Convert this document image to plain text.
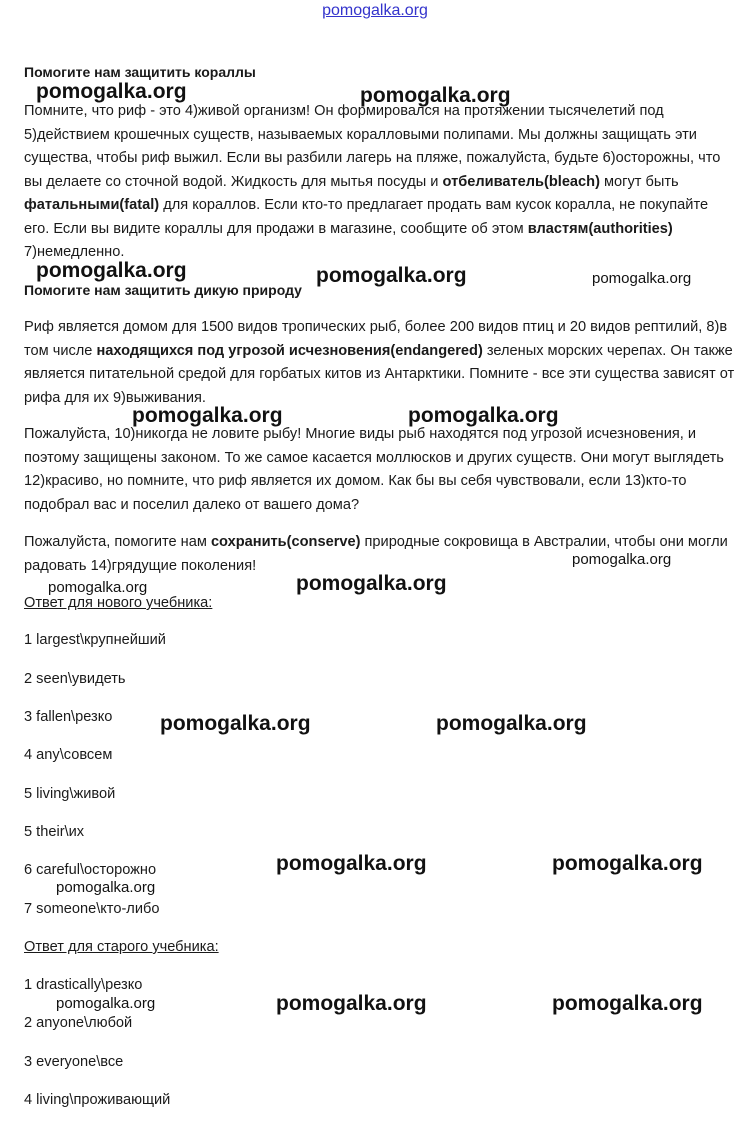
pomogalka.org
Помогите нам защитить кораллы
Помните, что риф - это 4)живой организм! Он формировался на протяжении тысячелетий под 5)действием крошечных существ, называемых коралловыми полипами. Мы должны защищать эти существа, чтобы риф выжил. Если вы разбили лагерь на пляже, пожалуйста, будьте 6)осторожны, что вы делаете со сточной водой. Жидкость для мытья посуды и отбеливатель(bleach) могут быть фатальными(fatal) для кораллов. Если кто-то предлагает продать вам кусок коралла, не покупайте его. Если вы видите кораллы для продажи в магазине, сообщите об этом властям(authorities) 7)немедленно.
Помогите нам защитить дикую природу
Риф является домом для 1500 видов тропических рыб, более 200 видов птиц и 20 видов рептилий, 8)в том числе находящихся под угрозой исчезновения(endangered) зеленых морских черепах. Он также является питательной средой для горбатых китов из Антарктики. Помните - все эти существа зависят от рифа для их 9)выживания.
Пожалуйста, 10)никогда не ловите рыбу! Многие виды рыб находятся под угрозой исчезновения, и поэтому защищены законом. То же самое касается моллюсков и других существ. Они могут выглядеть 12)красиво, но помните, что риф является их домом. Как бы вы себя чувствовали, если 13)кто-то подобрал вас и поселил далеко от вашего дома?
Пожалуйста, помогите нам сохранить(conserve) природные сокровища в Австралии, чтобы они могли радовать 14)грядущие поколения!
Ответ для нового учебника:
1 largest\крупнейший
2 seen\увидеть
3 fallen\резко
4 any\совсем
5 living\живой
5 their\их
6 careful\осторожно
7 someone\кто-либо
Ответ для старого учебника:
1 drastically\резко
2 anyone\любой
3 everyone\все
4 living\проживающий
pomogalka.org	pomogalka.org
pomogalka.org	pomogalka.org	pomogalka.org
pomogalka.org	pomogalka.org
pomogalka.org
pomogalka.org
pomogalka.org
pomogalka.org	pomogalka.org
pomogalka.org	pomogalka.org
pomogalka.org
pomogalka.org	pomogalka.org
pomogalka.org
